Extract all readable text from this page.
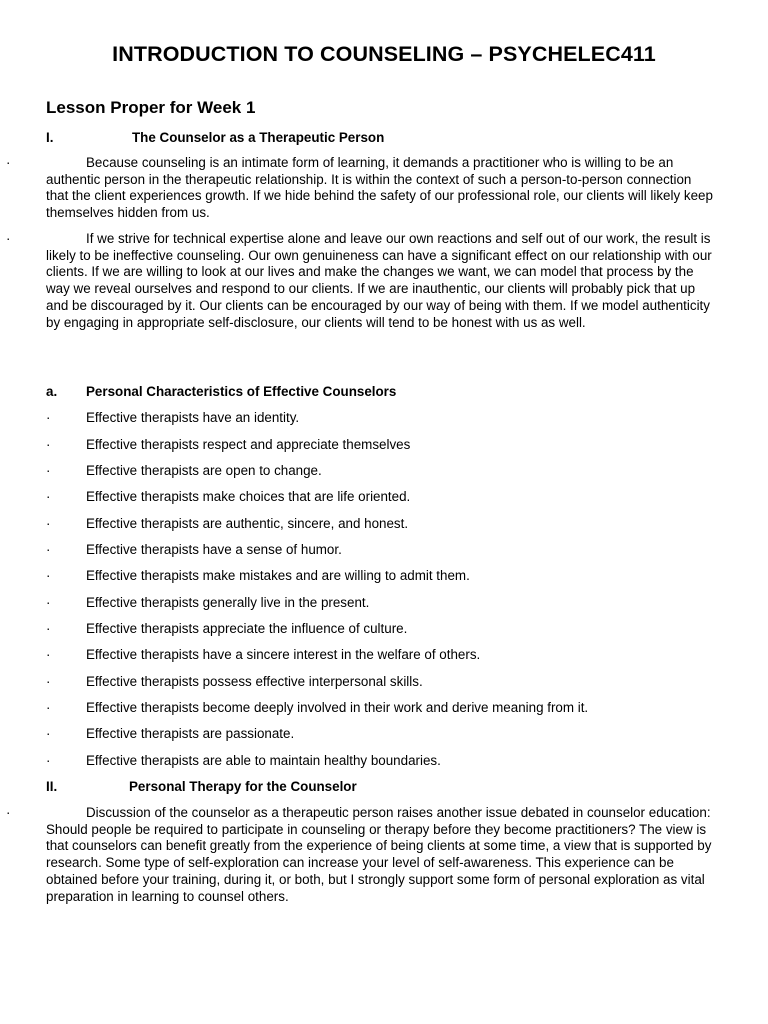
INTRODUCTION TO COUNSELING – PSYCHELEC411
Lesson Proper for Week 1
I.	The Counselor as a Therapeutic Person

·	Because counseling is an intimate form of learning, it demands a practitioner who is willing to be an authentic person in the therapeutic relationship. It is within the context of such a person-to-person connection that the client experiences growth. If we hide behind the safety of our professional role, our clients will likely keep themselves hidden from us.

·	If we strive for technical expertise alone and leave our own reactions and self out of our work, the result is likely to be ineffective counseling. Our own genuineness can have a significant effect on our relationship with our clients. If we are willing to look at our lives and make the changes we want, we can model that process by the way we reveal ourselves and respond to our clients. If we are inauthentic, our clients will probably pick that up and be discouraged by it. Our clients can be encouraged by our way of being with them. If we model authenticity by engaging in appropriate self-disclosure, our clients will tend to be honest with us as well.

a. Personal Characteristics of Effective Counselors
·	Effective therapists have an identity.
·	Effective therapists respect and appreciate themselves
·	Effective therapists are open to change.
·	Effective therapists make choices that are life oriented.
·	Effective therapists are authentic, sincere, and honest.
·	Effective therapists have a sense of humor.
·	Effective therapists make mistakes and are willing to admit them.
·	Effective therapists generally live in the present.
·	Effective therapists appreciate the influence of culture.
·	Effective therapists have a sincere interest in the welfare of others.
·	Effective therapists possess effective interpersonal skills.
·	Effective therapists become deeply involved in their work and derive meaning from it.
·	Effective therapists are passionate.
·	Effective therapists are able to maintain healthy boundaries.
II.	Personal Therapy for the Counselor

·	Discussion of the counselor as a therapeutic person raises another issue debated in counselor education: Should people be required to participate in counseling or therapy before they become practitioners? The view is that counselors can benefit greatly from the experience of being clients at some time, a view that is supported by research. Some type of self-exploration can increase your level of self-awareness. This experience can be obtained before your training, during it, or both, but I strongly support some form of personal exploration as vital preparation in learning to counsel others.
